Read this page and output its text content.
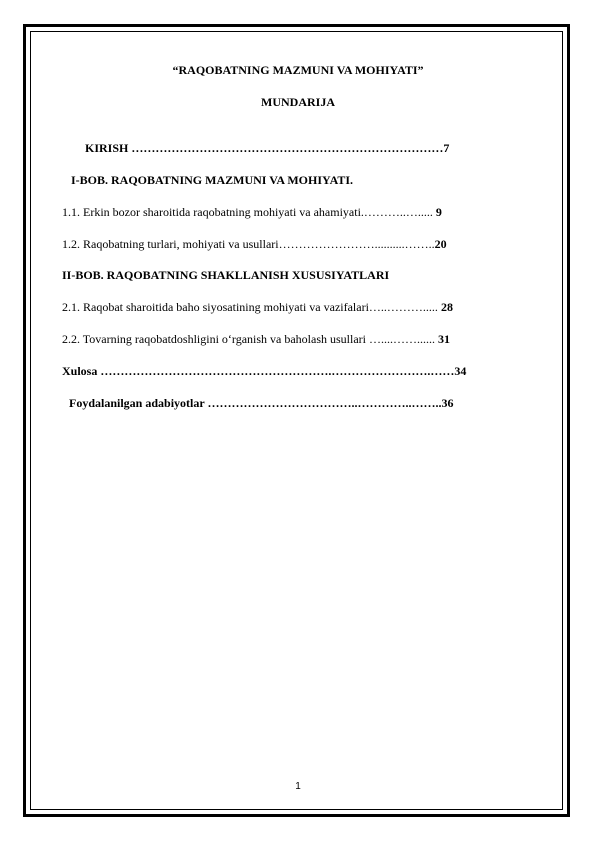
“RAQOBATNING MAZMUNI VA MOHIYATI”
MUNDARIJA
KIRISH ……………………………………………………………………7
I-BOB. RAQOBATNING MAZMUNI VA MOHIYATI.
1.1. Erkin bozor sharoitida raqobatning mohiyati va ahamiyati.………..…..... 9
1.2. Raqobatning turlari, mohiyati va usullari……………………..........……..20
II-BOB. RAQOBATNING SHAKLLANISH XUSUSIYATLARI
2.1. Raqobat sharoitida baho siyosatining mohiyati va vazifalari…..………..... 28
2.2. Tovarning raqobatdoshligini o‘rganish va baholash usullari …....……...... 31
Xulosa ………………………………………………….…………………….……34
Foydalanilgan adabiyotlar ………………………………..…………..……..36
1
